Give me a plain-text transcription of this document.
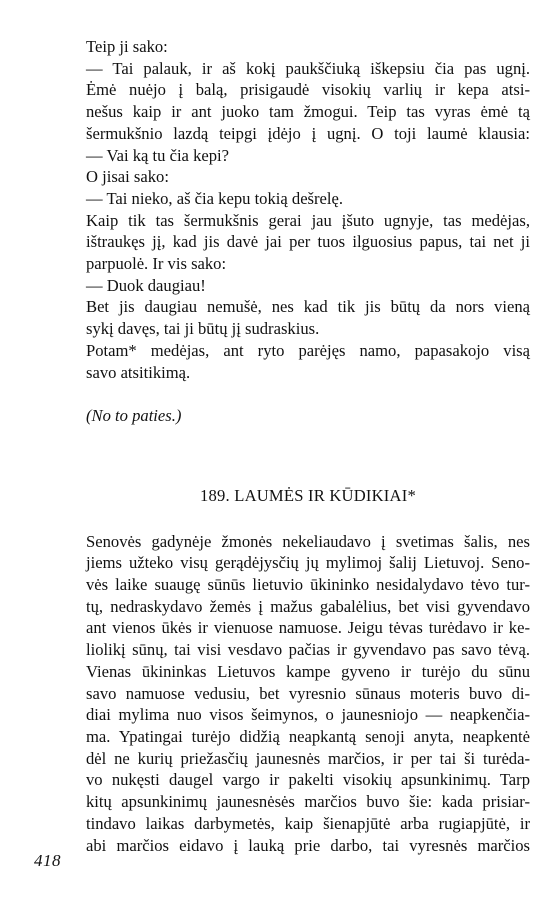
Teip ji sako:
— Tai palauk, ir aš kokį paukščiuką iškepsiu čia pas ugnį.
Ėmė nuėjo į balą, prisigaudė visokių varlių ir kepa atsi-
nešus kaip ir ant juoko tam žmogui. Teip tas vyras ėmė tą
šermukšnio lazdą teipgi įdėjo į ugnį. O toji laumė klausia:
— Vai ką tu čia kepi?
O jisai sako:
— Tai nieko, aš čia kepu tokią dešrelę.
Kaip tik tas šermukšnis gerai jau įšuto ugnyje, tas medėjas,
ištraukęs jį, kad jis davė jai per tuos ilguosius papus, tai net ji
parpuolė. Ir vis sako:
— Duok daugiau!
Bet jis daugiau nemušė, nes kad tik jis būtų da nors vieną
sykį davęs, tai ji būtų jį sudraskius.
Potam* medėjas, ant ryto parėjęs namo, papasakojo visą
savo atsitikimą.

(No to paties.)

189. LAUMĖS IR KŪDIKIAI*
Senovės gadynėje žmonės nekeliaudavo į svetimas šalis, nes
jiems užteko visų gerądėjysčių jų mylimoj šalij Lietuvoj. Seno-
vės laike suaugę sūnūs lietuvio ūkininko nesidalydavo tėvo tur-
tų, nedraskydavo žemės į mažus gabalėlius, bet visi gyvendavo
ant vienos ūkės ir vienuose namuose. Jeigu tėvas turėdavo ir ke-
liolikį sūnų, tai visi vesdavo pačias ir gyvendavo pas savo tėvą.
Vienas ūkininkas Lietuvos kampe gyveno ir turėjo du sūnu
savo namuose vedusiu, bet vyresnio sūnaus moteris buvo di-
diai mylima nuo visos šeimynos, o jaunesniojo — neapkenčia-
ma. Ypatingai turėjo didžią neapkantą senoji anyta, neapkentė
dėl ne kurių priežasčių jaunesnės marčios, ir per tai ši turėda-
vo nukęsti daugel vargo ir pakelti visokių apsunkinimų. Tarp
kitų apsunkinimų jaunesnėsės marčios buvo šie: kada prisiar-
tindavo laikas darbymetės, kaip šienapjūtė arba rugiapjūtė, ir
abi marčios eidavo į lauką prie darbo, tai vyresnės marčios
418
